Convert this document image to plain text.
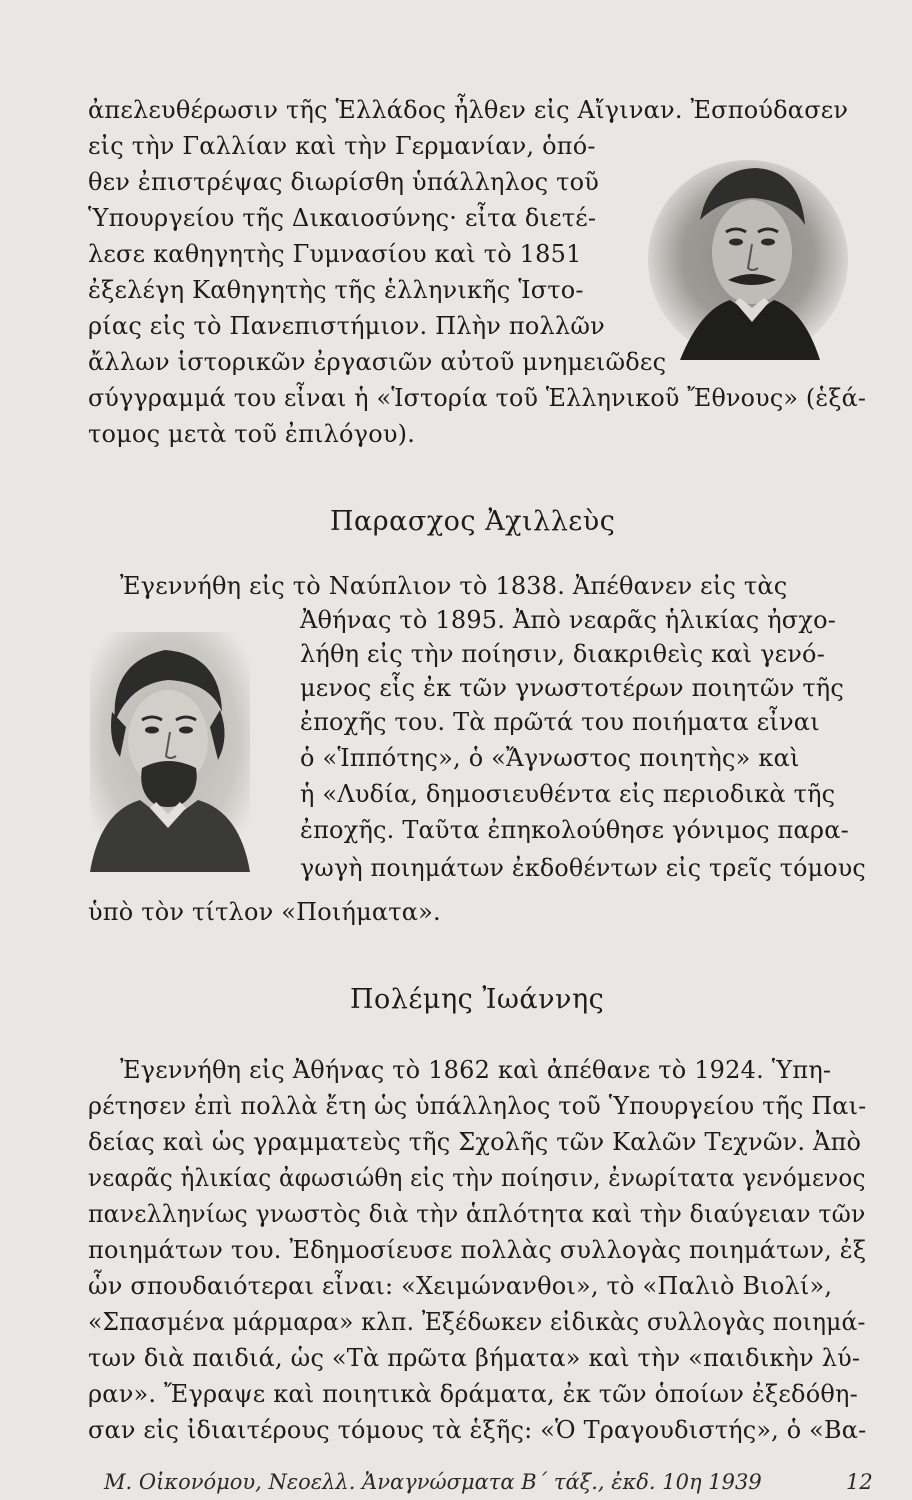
ἀπελευθέρωσιν τῆς Ἑλλάδος ἦλθεν εἰς Αἴγιναν. Ἐσπούδασεν
εἰς τὴν Γαλλίαν καὶ τὴν Γερμανίαν, ὁπό-
θεν ἐπιστρέψας διωρίσθη ὑπάλληλος τοῦ
Ὑπουργείου τῆς Δικαιοσύνης· εἶτα διετέ-
λεσε καθηγητὴς Γυμνασίου καὶ τὸ 1851
ἐξελέγη Καθηγητὴς τῆς ἑλληνικῆς Ἱστο-
ρίας εἰς τὸ Πανεπιστήμιον. Πλὴν πολλῶν
ἄλλων ἱστορικῶν ἐργασιῶν αὐτοῦ μνημειῶδες
σύγγραμμά του εἶναι ἡ «Ἱστορία τοῦ Ἑλληνικοῦ Ἔθνους» (ἑξά-
τομος μετὰ τοῦ ἐπιλόγου).
Παρασχος Ἀχιλλεὺς
Ἐγεννήθη εἰς τὸ Ναύπλιον τὸ 1838. Ἀπέθανεν εἰς τὰς
Ἀθήνας τὸ 1895. Ἀπὸ νεαρᾶς ἡλικίας ἠσχο-
λήθη εἰς τὴν ποίησιν, διακριθεὶς καὶ γενό-
μενος εἷς ἐκ τῶν γνωστοτέρων ποιητῶν τῆς
ἐποχῆς του. Τὰ πρῶτά του ποιήματα εἶναι
ὁ «Ἱππότης», ὁ «Ἄγνωστος ποιητὴς» καὶ
ἡ «Λυδία, δημοσιευθέντα εἰς περιοδικὰ τῆς
ἐποχῆς. Ταῦτα ἐπηκολούθησε γόνιμος παρα-
γωγὴ ποιημάτων ἐκδοθέντων εἰς τρεῖς τόμους
ὑπὸ τὸν τίτλον «Ποιήματα».
Πολέμης Ἰωάννης
Ἐγεννήθη εἰς Ἀθήνας τὸ 1862 καὶ ἀπέθανε τὸ 1924. Ὑπη-
ρέτησεν ἐπὶ πολλὰ ἔτη ὡς ὑπάλληλος τοῦ Ὑπουργείου τῆς Παι-
δείας καὶ ὡς γραμματεὺς τῆς Σχολῆς τῶν Καλῶν Τεχνῶν. Ἀπὸ
νεαρᾶς ἡλικίας ἀφωσιώθη εἰς τὴν ποίησιν, ἐνωρίτατα γενόμενος
πανελληνίως γνωστὸς διὰ τὴν ἁπλότητα καὶ τὴν διαύγειαν τῶν
ποιημάτων του. Ἐδημοσίευσε πολλὰς συλλογὰς ποιημάτων, ἐξ
ὧν σπουδαιότεραι εἶναι: «Χειμώνανθοι», τὸ «Παλιὸ Βιολί»,
«Σπασμένα μάρμαρα» κλπ. Ἐξέδωκεν εἰδικὰς συλλογὰς ποιημά-
των διὰ παιδιά, ὡς «Τὰ πρῶτα βήματα» καὶ τὴν «παιδικὴν λύ-
ραν». Ἔγραψε καὶ ποιητικὰ δράματα, ἐκ τῶν ὁποίων ἐξεδόθη-
σαν εἰς ἰδιαιτέρους τόμους τὰ ἑξῆς: «Ὁ Τραγουδιστής», ὁ «Βα-
Μ. Οἰκονόμου, Νεοελλ. Ἀναγνώσματα Β΄ τάξ., ἐκδ. 10η 1939	12
